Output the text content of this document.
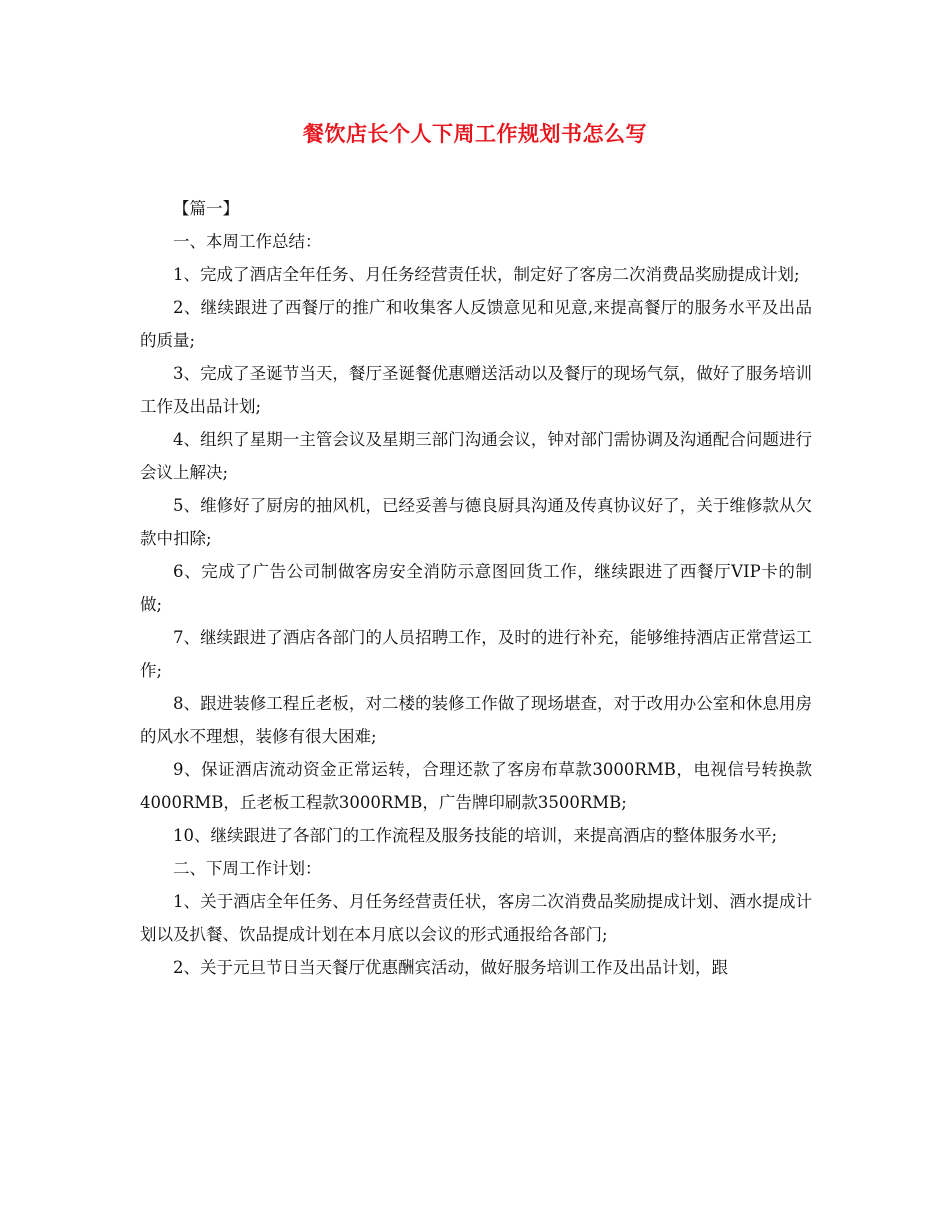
餐饮店长个人下周工作规划书怎么写

【篇一】

一、本周工作总结：

1、完成了酒店全年任务、月任务经营责任状，制定好了客房二次消费品奖励提成计划;

2、继续跟进了西餐厅的推广和收集客人反馈意见和见意,来提高餐厅的服务水平及出品的质量;

3、完成了圣诞节当天，餐厅圣诞餐优惠赠送活动以及餐厅的现场气氛，做好了服务培训工作及出品计划;

4、组织了星期一主管会议及星期三部门沟通会议，钟对部门需协调及沟通配合问题进行会议上解决;

5、维修好了厨房的抽风机，已经妥善与德良厨具沟通及传真协议好了，关于维修款从欠款中扣除;

6、完成了广告公司制做客房安全消防示意图回货工作，继续跟进了西餐厅VIP卡的制做;

7、继续跟进了酒店各部门的人员招聘工作，及时的进行补充，能够维持酒店正常营运工作;

8、跟进装修工程丘老板，对二楼的装修工作做了现场堪查，对于改用办公室和休息用房的风水不理想，装修有很大困难;

9、保证酒店流动资金正常运转，合理还款了客房布草款3000RMB，电视信号转换款4000RMB，丘老板工程款3000RMB，广告牌印刷款3500RMB;

10、继续跟进了各部门的工作流程及服务技能的培训，来提高酒店的整体服务水平;

二、下周工作计划：

1、关于酒店全年任务、月任务经营责任状，客房二次消费品奖励提成计划、酒水提成计划以及扒餐、饮品提成计划在本月底以会议的形式通报给各部门;

2、关于元旦节日当天餐厅优惠酬宾活动，做好服务培训工作及出品计划，跟
